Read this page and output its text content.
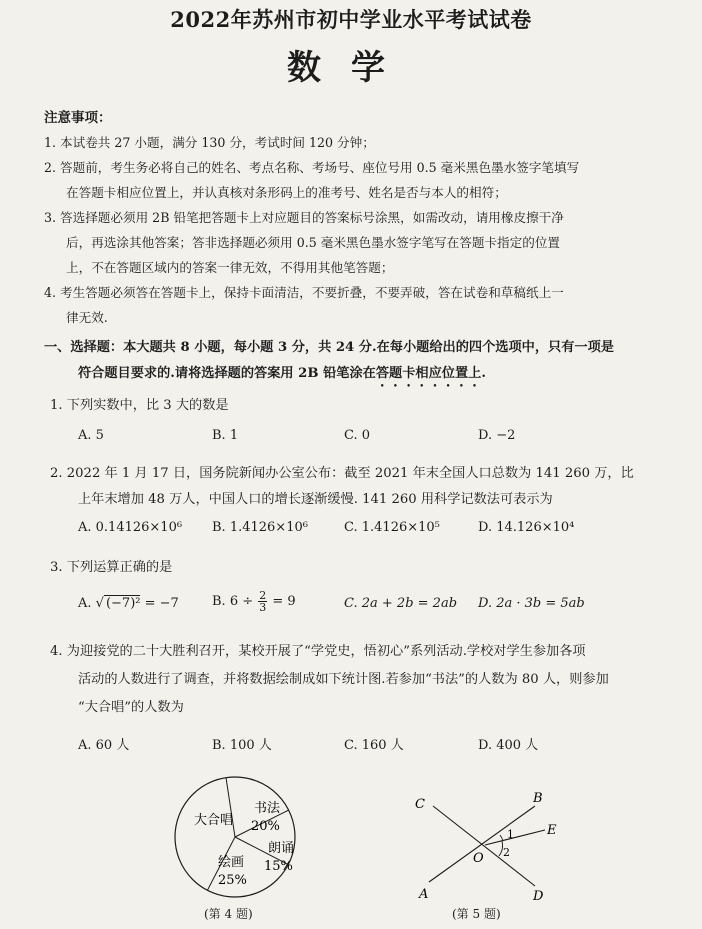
2022年苏州市初中学业水平考试试卷
数学
注意事项：
1. 本试卷共 27 小题，满分 130 分，考试时间 120 分钟；
2. 答题前，考生务必将自己的姓名、考点名称、考场号、座位号用 0.5 毫米黑色墨水签字笔填写
在答题卡相应位置上，并认真核对条形码上的准考号、姓名是否与本人的相符；
3. 答选择题必须用 2B 铅笔把答题卡上对应题目的答案标号涂黑，如需改动，请用橡皮擦干净
后，再选涂其他答案；答非选择题必须用 0.5 毫米黑色墨水签字笔写在答题卡指定的位置
上，不在答题区域内的答案一律无效，不得用其他笔答题；
4. 考生答题必须答在答题卡上，保持卡面清洁，不要折叠，不要弄破，答在试卷和草稿纸上一
律无效.
一、选择题：本大题共 8 小题，每小题 3 分，共 24 分.在每小题给出的四个选项中，只有一项是
符合题目要求的.请将选择题的答案用 2B 铅笔涂在答题卡相应位置上.
1. 下列实数中，比 3 大的数是
A. 5	B. 1	C. 0	D. −2
2. 2022 年 1 月 17 日，国务院新闻办公室公布：截至 2021 年末全国人口总数为 141 260 万，比
上年末增加 48 万人，中国人口的增长逐渐缓慢. 141 260 用科学记数法可表示为
A. 0.14126×10⁶ B. 1.4126×10⁶	C. 1.4126×10⁵	D. 14.126×10⁴
3. 下列运算正确的是
A. √ (−7)² = −7	B. $6 \div \frac{2}{3} = 9$	C. 2a + 2b = 2ab D. 2a · 3b = 5ab
4. 为迎接党的二十大胜利召开，某校开展了“学党史，悟初心”系列活动.学校对学生参加各项
活动的人数进行了调查，并将数据绘制成如下统计图.若参加“书法”的人数为 80 人，则参加
“大合唱”的人数为
A. 60 人	B. 100 人	C. 160 人	D. 400 人
大合唱
书法
20%
朗诵
15%
绘画
25%
(第 4 题)
C	B
E
O
A	D
1
2
(第 5 题)
